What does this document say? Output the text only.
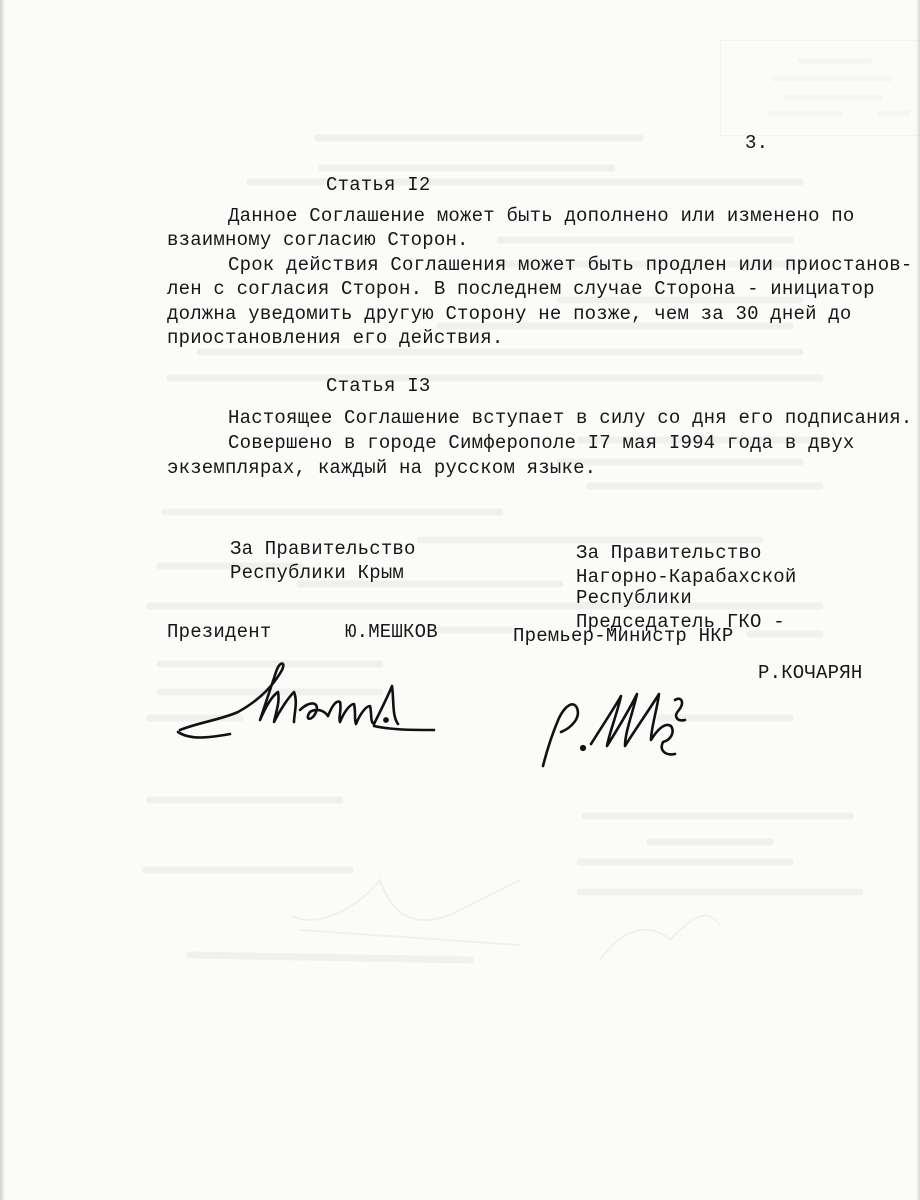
3.
Статья I2
Данное Соглашение может быть дополнено или изменено по
взаимному согласию Сторон.
Срок действия Соглашения может быть продлен или приостанов-
лен с согласия Сторон. В последнем случае Сторона - инициатор
должна уведомить другую Сторону не позже, чем за 30 дней до
приостановления его действия.
Статья I3
Настоящее Соглашение вступает в силу со дня его подписания.
Совершено в городе Симферополе I7 мая I994 года в двух
экземплярах, каждый на русском языке.
За Правительство
Республики Крым
Президент	Ю.МЕШКОВ
За Правительство
Нагорно-Карабахской
Республики
Председатель ГКО -
Премьер-Министр НКР
Р.КОЧАРЯН
